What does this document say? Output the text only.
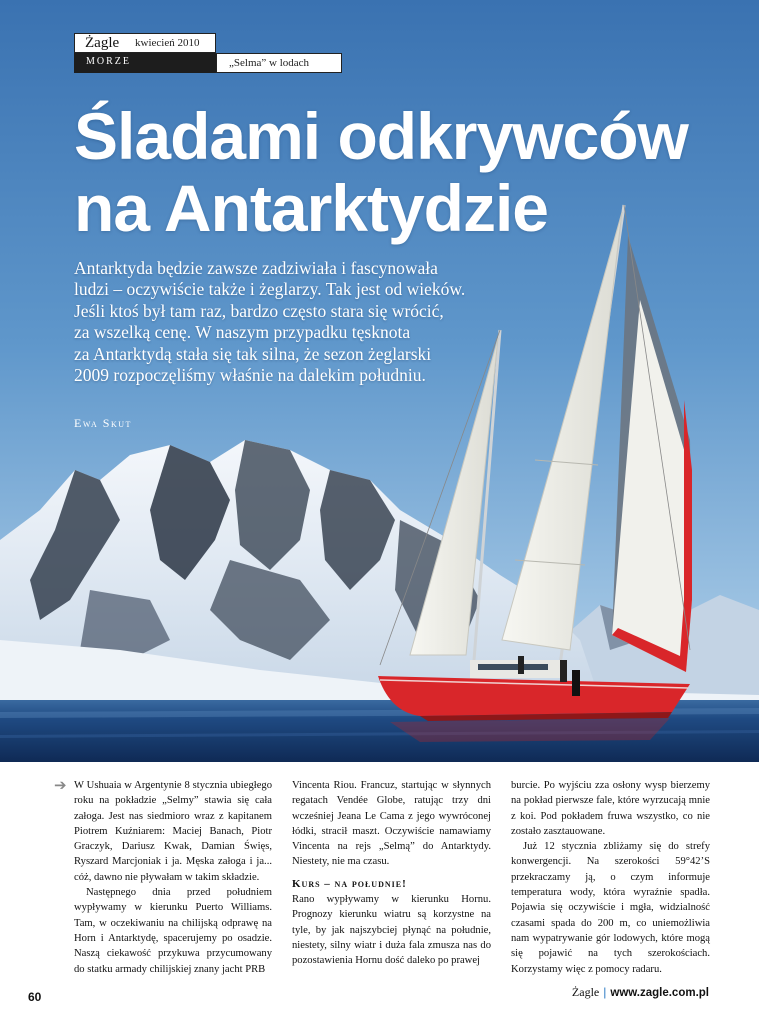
Żagle kwiecień 2010
MORZE	„Selma” w lodach
Śladami odkrywców
na Antarktydzie
Antarktyda będzie zawsze zadziwiała i fascynowała
ludzi – oczywiście także i żeglarzy. Tak jest od wieków.
Jeśli ktoś był tam raz, bardzo często stara się wrócić,
za wszelką cenę. W naszym przypadku tęsknota
za Antarktydą stała się tak silna, że sezon żeglarski
2009 rozpoczęliśmy właśnie na dalekim południu.
Ewa Skut
➔ W Ushuaia w Argentynie 8 stycznia ubiegłego roku na pokładzie „Selmy” stawia się cała załoga. Jest nas siedmioro wraz z kapitanem Piotrem Kuźniarem: Maciej Banach, Piotr Graczyk, Dariusz Kwak, Damian Święs, Ryszard Marcjoniak i ja. Męska załoga i ja... cóż, dawno nie pływałam w takim składzie.

Następnego dnia przed południem wypływamy w kierunku Puerto Williams. Tam, w oczekiwaniu na chilijską odprawę na Horn i Antarktydę, spacerujemy po osadzie. Naszą ciekawość przykuwa przycumowany do statku armady chilijskiej znany jacht PRB

Vincenta Riou. Francuz, startując w słynnych regatach Vendée Globe, ratując trzy dni wcześniej Jeana Le Cama z jego wywróconej łódki, stracił maszt. Oczywiście namawiamy Vincenta na rejs „Selmą” do Antarktydy. Niestety, nie ma czasu.

Kurs – na południe!

Rano wypływamy w kierunku Hornu. Prognozy kierunku wiatru są korzystne na tyle, by jak najszybciej płynąć na południe, niestety, silny wiatr i duża fala zmusza nas do pozostawienia Hornu dość daleko po prawej

burcie. Po wyjściu zza osłony wysp bierzemy na pokład pierwsze fale, które wyrzucają mnie z koi. Pod pokładem fruwa wszystko, co nie zostało zasztauowane.

Już 12 stycznia zbliżamy się do strefy konwergencji. Na szerokości 59°42’S przekraczamy ją, o czym informuje temperatura wody, która wyraźnie spadła. Pojawia się oczywiście i mgła, widzialność czasami spada do 200 m, co uniemożliwia nam wypatrywanie gór lodowych, które mogą się pojawić na tych szerokościach. Korzystamy więc z pomocy radaru.

60	Żagle | www.zagle.com.pl
